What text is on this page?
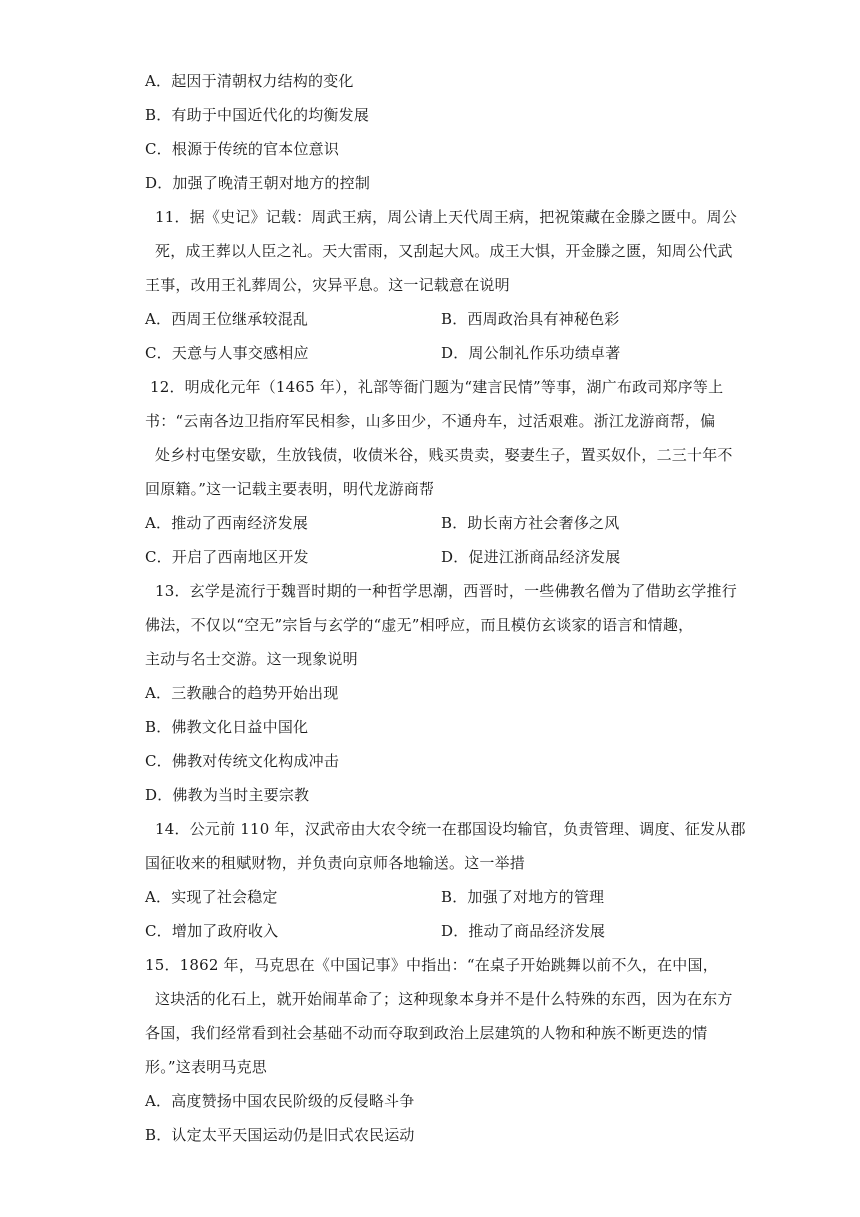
A．起因于清朝权力结构的变化
B．有助于中国近代化的均衡发展
C．根源于传统的官本位意识
D．加强了晚清王朝对地方的控制
11．据《史记》记载：周武王病，周公请上天代周王病，把祝策藏在金滕之匮中。周公
死，成王葬以人臣之礼。天大雷雨，又刮起大风。成王大惧，开金滕之匮，知周公代武
王事，改用王礼葬周公，灾异平息。这一记载意在说明
A．西周王位继承较混乱	B．西周政治具有神秘色彩
C．天意与人事交感相应	D．周公制礼作乐功绩卓著
12．明成化元年（1465 年），礼部等衙门题为“建言民情”等事，湖广布政司郑序等上
书：“云南各边卫指府军民相参，山多田少，不通舟车，过活艰难。浙江龙游商帮，偏
处乡村屯堡安歇，生放钱债，收债米谷，贱买贵卖，娶妻生子，置买奴仆，二三十年不
回原籍。”这一记载主要表明，明代龙游商帮
A．推动了西南经济发展	B．助长南方社会奢侈之风
C．开启了西南地区开发	D．促进江浙商品经济发展
13．玄学是流行于魏晋时期的一种哲学思潮，西晋时，一些佛教名僧为了借助玄学推行
佛法，不仅以“空无”宗旨与玄学的“虚无”相呼应，而且模仿玄谈家的语言和情趣，
主动与名士交游。这一现象说明
A．三教融合的趋势开始出现
B．佛教文化日益中国化
C．佛教对传统文化构成冲击
D．佛教为当时主要宗教
14．公元前 110 年，汉武帝由大农令统一在郡国设均输官，负责管理、调度、征发从郡
国征收来的租赋财物，并负责向京师各地输送。这一举措
A．实现了社会稳定	B．加强了对地方的管理
C．增加了政府收入	D．推动了商品经济发展
15．1862 年，马克思在《中国记事》中指出：“在桌子开始跳舞以前不久，在中国，
这块活的化石上，就开始闹革命了；这种现象本身并不是什么特殊的东西，因为在东方
各国，我们经常看到社会基础不动而夺取到政治上层建筑的人物和种族不断更迭的情
形。”这表明马克思
A．高度赞扬中国农民阶级的反侵略斗争
B．认定太平天国运动仍是旧式农民运动
